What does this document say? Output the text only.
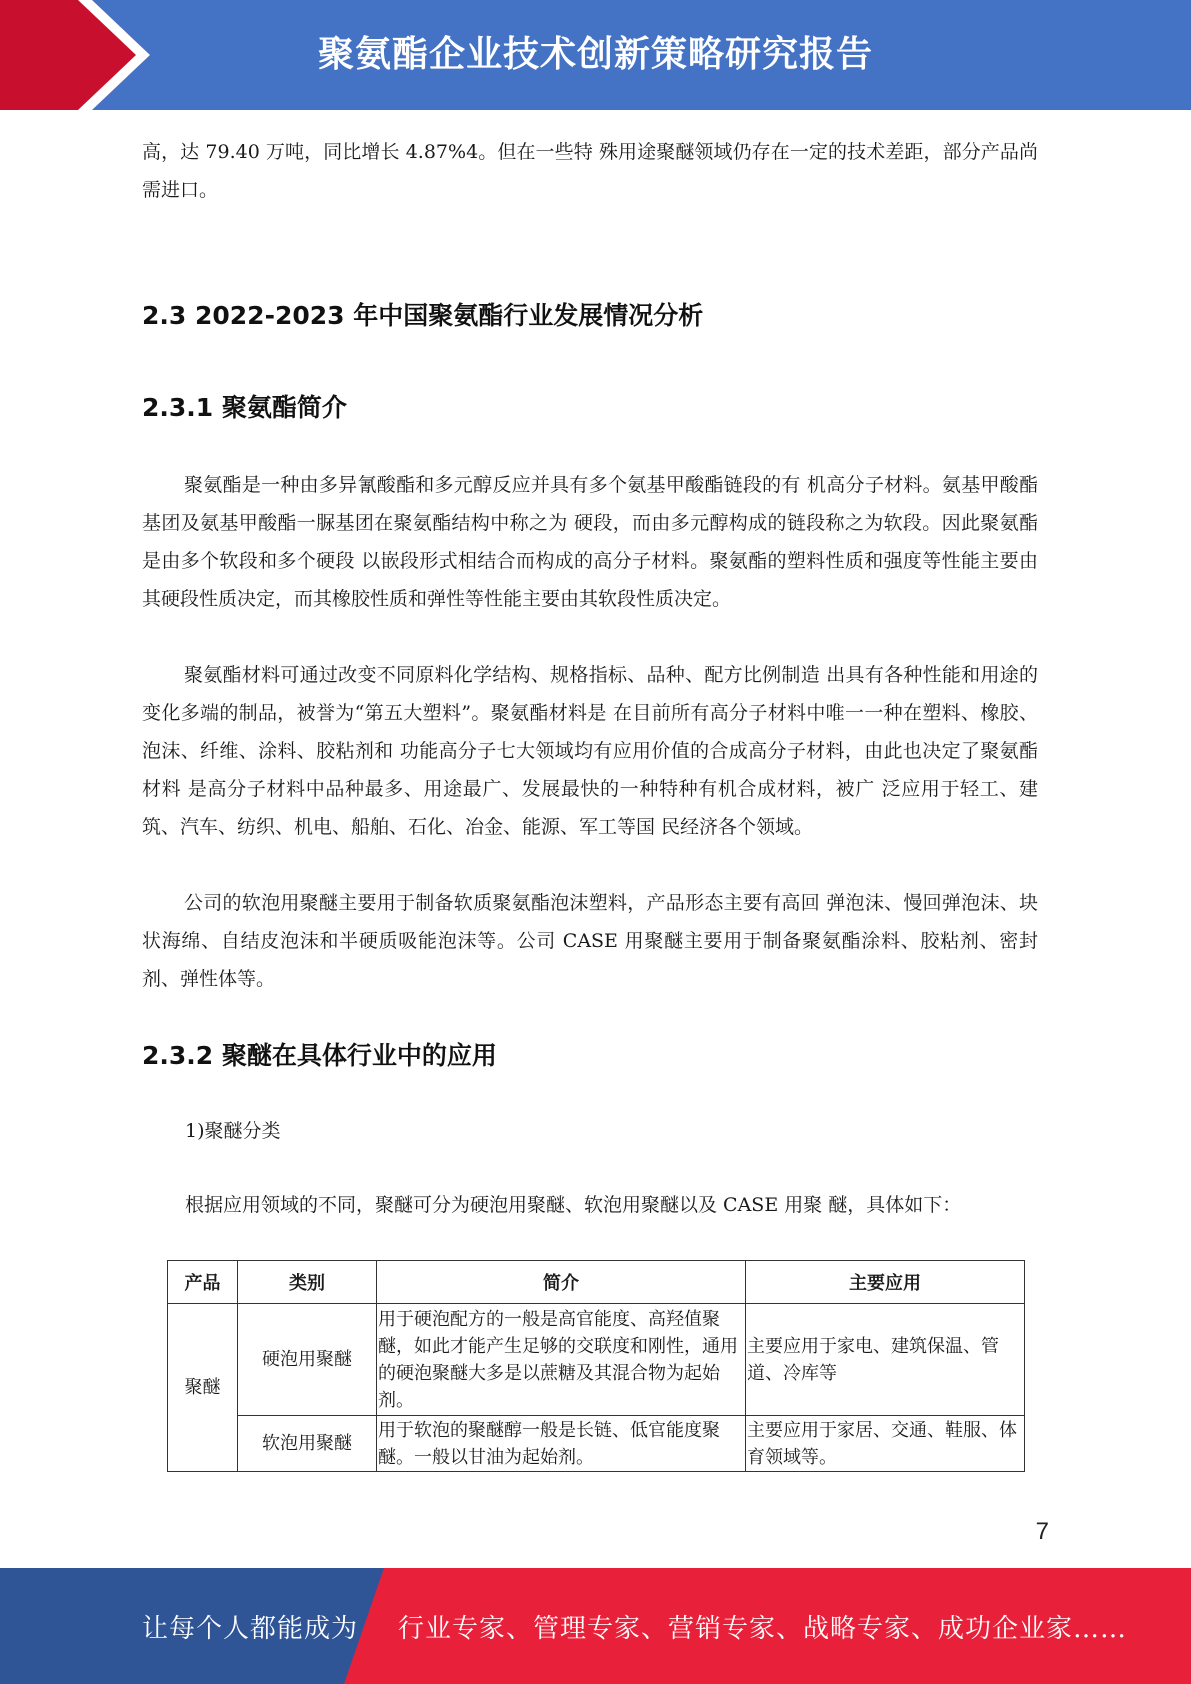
聚氨酯企业技术创新策略研究报告

高，达 79.40 万吨，同比增长 4.87%4。但在一些特 殊用途聚醚领域仍存在一定的技术差距，部分产品尚需进口。

2.3 2022-2023 年中国聚氨酯行业发展情况分析
2.3.1 聚氨酯简介

聚氨酯是一种由多异氰酸酯和多元醇反应并具有多个氨基甲酸酯链段的有 机高分子材料。氨基甲酸酯基团及氨基甲酸酯一脲基团在聚氨酯结构中称之为 硬段，而由多元醇构成的链段称之为软段。因此聚氨酯是由多个软段和多个硬段 以嵌段形式相结合而构成的高分子材料。聚氨酯的塑料性质和强度等性能主要由 其硬段性质决定，而其橡胶性质和弹性等性能主要由其软段性质决定。

聚氨酯材料可通过改变不同原料化学结构、规格指标、品种、配方比例制造 出具有各种性能和用途的变化多端的制品，被誉为“第五大塑料”。聚氨酯材料是 在目前所有高分子材料中唯一一种在塑料、橡胶、泡沫、纤维、涂料、胶粘剂和 功能高分子七大领域均有应用价值的合成高分子材料，由此也决定了聚氨酯材料 是高分子材料中品种最多、用途最广、发展最快的一种特种有机合成材料，被广 泛应用于轻工、建筑、汽车、纺织、机电、船舶、石化、冶金、能源、军工等国 民经济各个领域。

公司的软泡用聚醚主要用于制备软质聚氨酯泡沫塑料，产品形态主要有高回 弹泡沫、慢回弹泡沫、块状海绵、自结皮泡沫和半硬质吸能泡沫等。公司 CASE 用聚醚主要用于制备聚氨酯涂料、胶粘剂、密封剂、弹性体等。

2.3.2 聚醚在具体行业中的应用

1)聚醚分类

根据应用领域的不同，聚醚可分为硬泡用聚醚、软泡用聚醚以及 CASE 用聚 醚，具体如下：

产品	类别	简介	主要应用
聚醚	硬泡用聚醚	用于硬泡配方的一般是高官能度、高羟值聚醚，如此才能产生足够的交联度和刚性，通用的硬泡聚醚大多是以蔗糖及其混合物为起始剂。	主要应用于家电、建筑保温、管道、冷库等
	软泡用聚醚	用于软泡的聚醚醇一般是长链、低官能度聚醚。一般以甘油为起始剂。	主要应用于家居、交通、鞋服、体育领域等。
7
让每个人都能成为 行业专家、管理专家、营销专家、战略专家、成功企业家……
